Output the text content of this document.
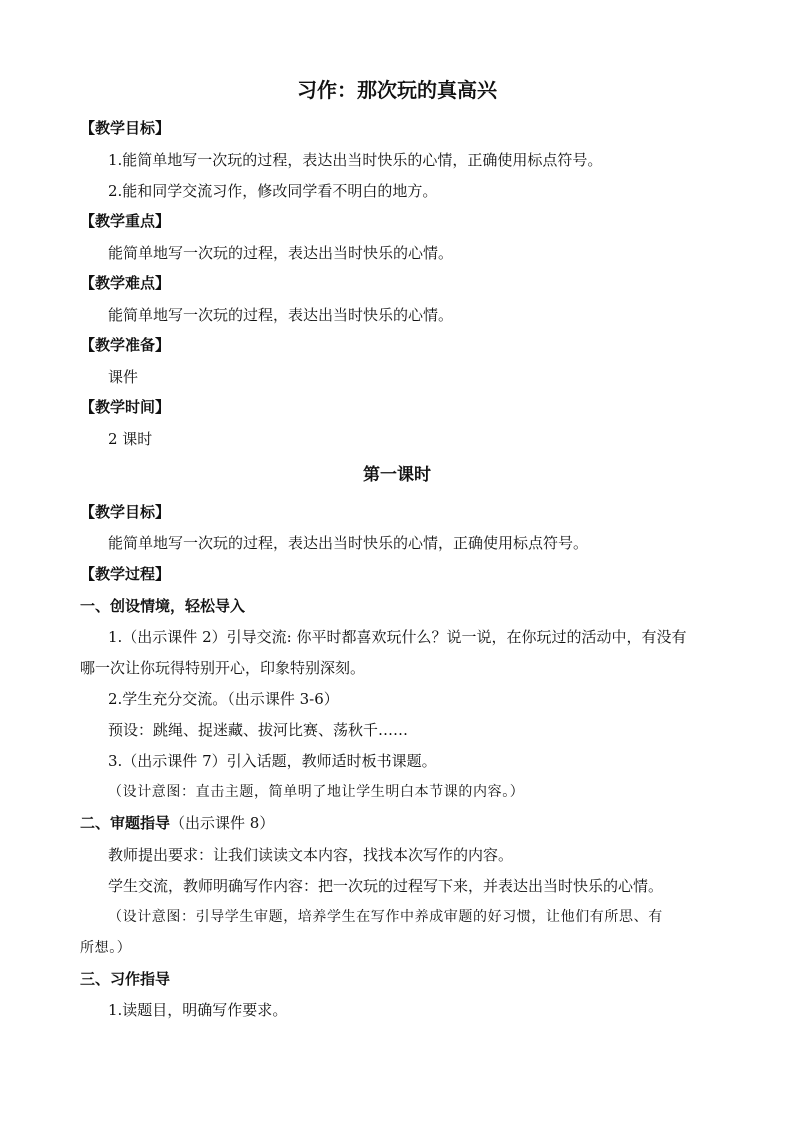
习作：那次玩的真高兴
【教学目标】
1.能简单地写一次玩的过程，表达出当时快乐的心情，正确使用标点符号。
2.能和同学交流习作，修改同学看不明白的地方。
【教学重点】
能简单地写一次玩的过程，表达出当时快乐的心情。
【教学难点】
能简单地写一次玩的过程，表达出当时快乐的心情。
【教学准备】
课件
【教学时间】
2 课时
第一课时
【教学目标】
能简单地写一次玩的过程，表达出当时快乐的心情，正确使用标点符号。
【教学过程】
一、创设情境，轻松导入
1.（出示课件 2）引导交流: 你平时都喜欢玩什么？说一说，在你玩过的活动中，有没有
哪一次让你玩得特别开心，印象特别深刻。
2.学生充分交流。（出示课件 3-6）
预设：跳绳、捉迷藏、拔河比赛、荡秋千……
3.（出示课件 7）引入话题，教师适时板书课题。
（设计意图：直击主题，简单明了地让学生明白本节课的内容。）
二、审题指导（出示课件 8）
教师提出要求：让我们读读文本内容，找找本次写作的内容。
学生交流，教师明确写作内容：把一次玩的过程写下来，并表达出当时快乐的心情。
（设计意图：引导学生审题，培养学生在写作中养成审题的好习惯，让他们有所思、有
所想。）
三、习作指导
1.读题目，明确写作要求。
